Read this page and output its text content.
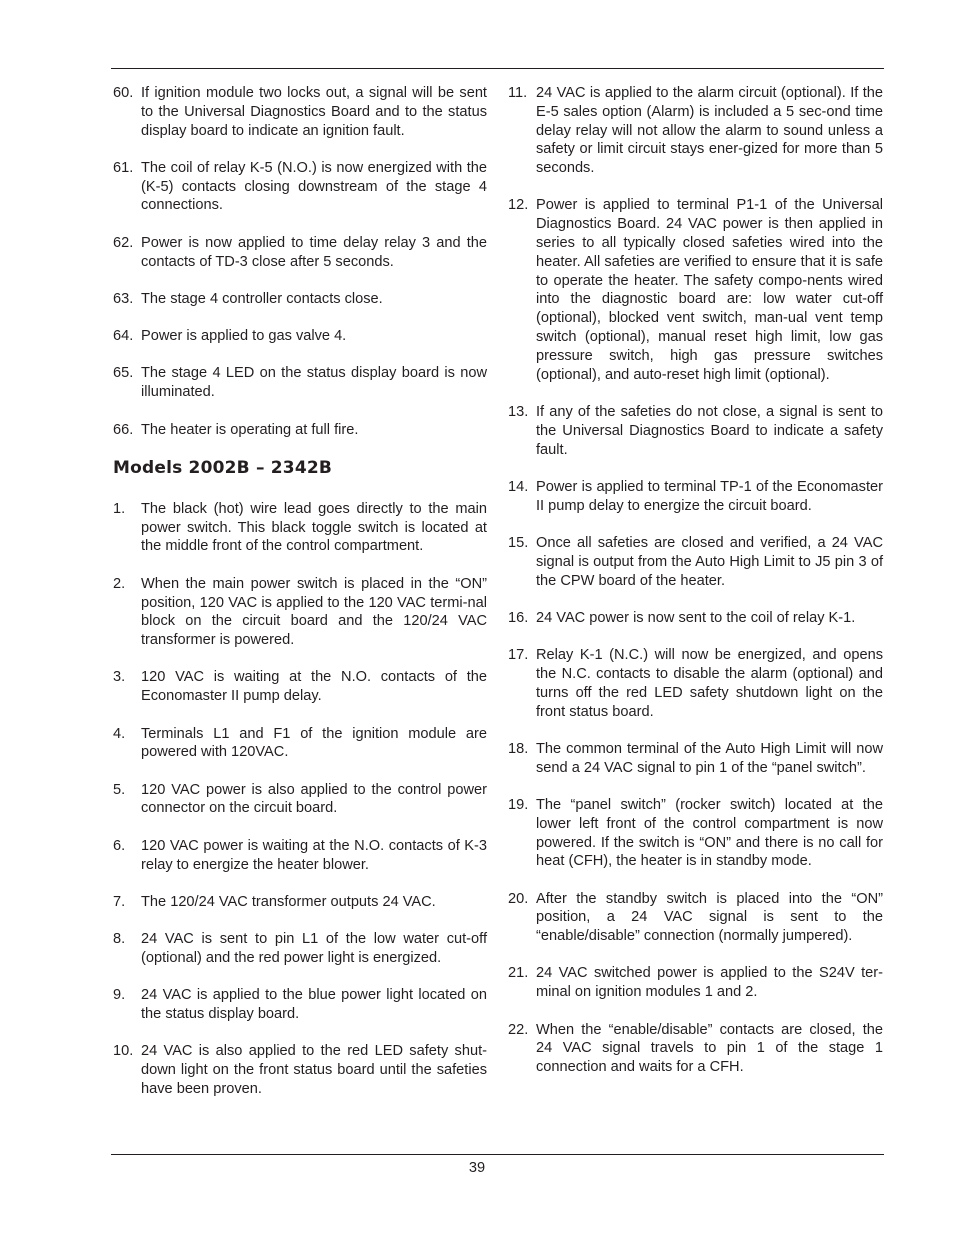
60. If ignition module two locks out, a signal will be sent to the Universal Diagnostics Board and to the status display board to indicate an ignition fault.
61. The coil of relay K-5 (N.O.) is now energized with the (K-5) contacts closing downstream of the stage 4 connections.
62. Power is now applied to time delay relay 3 and the contacts of TD-3 close after 5 seconds.
63. The stage 4 controller contacts close.
64. Power is applied to gas valve 4.
65. The stage 4 LED on the status display board is now illuminated.
66. The heater is operating at full fire.
Models 2002B – 2342B
1. The black (hot) wire lead goes directly to the main power switch. This black toggle switch is located at the middle front of the control compartment.
2. When the main power switch is placed in the “ON” position, 120 VAC is applied to the 120 VAC termi-nal block on the circuit board and the 120/24 VAC transformer is powered.
3. 120 VAC is waiting at the N.O. contacts of the Economaster II pump delay.
4. Terminals L1 and F1 of the ignition module are powered with 120VAC.
5. 120 VAC power is also applied to the control power connector on the circuit board.
6. 120 VAC power is waiting at the N.O. contacts of K-3 relay to energize the heater blower.
7. The 120/24 VAC transformer outputs 24 VAC.
8. 24 VAC is sent to pin L1 of the low water cut-off (optional) and the red power light is energized.
9. 24 VAC is applied to the blue power light located on the status display board.
10. 24 VAC is also applied to the red LED safety shut-down light on the front status board until the safeties have been proven.
11. 24 VAC is applied to the alarm circuit (optional). If the E-5 sales option (Alarm) is included a 5 sec-ond time delay relay will not allow the alarm to sound unless a safety or limit circuit stays ener-gized for more than 5 seconds.
12. Power is applied to terminal P1-1 of the Universal Diagnostics Board. 24 VAC power is then applied in series to all typically closed safeties wired into the heater. All safeties are verified to ensure that it is safe to operate the heater. The safety compo-nents wired into the diagnostic board are: low water cut-off (optional), blocked vent switch, man-ual vent temp switch (optional), manual reset high limit, low gas pressure switch, high gas pressure switches (optional), and auto-reset high limit (optional).
13. If any of the safeties do not close, a signal is sent to the Universal Diagnostics Board to indicate a safety fault.
14. Power is applied to terminal TP-1 of the Economaster II pump delay to energize the circuit board.
15. Once all safeties are closed and verified, a 24 VAC signal is output from the Auto High Limit to J5 pin 3 of the CPW board of the heater.
16. 24 VAC power is now sent to the coil of relay K-1.
17. Relay K-1 (N.C.) will now be energized, and opens the N.C. contacts to disable the alarm (optional) and turns off the red LED safety shutdown light on the front status board.
18. The common terminal of the Auto High Limit will now send a 24 VAC signal to pin 1 of the “panel switch”.
19. The “panel switch” (rocker switch) located at the lower left front of the control compartment is now powered. If the switch is “ON” and there is no call for heat (CFH), the heater is in standby mode.
20. After the standby switch is placed into the “ON” position, a 24 VAC signal is sent to the “enable/disable” connection (normally jumpered).
21. 24 VAC switched power is applied to the S24V ter-minal on ignition modules 1 and 2.
22. When the “enable/disable” contacts are closed, the 24 VAC signal travels to pin 1 of the stage 1 connection and waits for a CFH.
39
